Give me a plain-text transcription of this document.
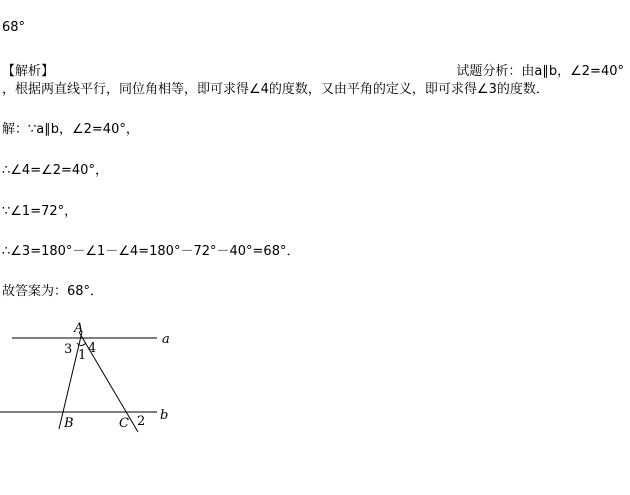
68°
【解析】	试题分析：由a∥b，∠2=40°
，根据两直线平行，同位角相等，即可求得∠4的度数，又由平角的定义，即可求得∠3的度数．
解：∵a∥b，∠2=40°，
∴∠4=∠2=40°，
∵∠1=72°，
∴∠3=180°－∠1－∠4=180°－72°－40°=68°．
故答案为：68°．
A
a
b
B	C
1
2
3 4
